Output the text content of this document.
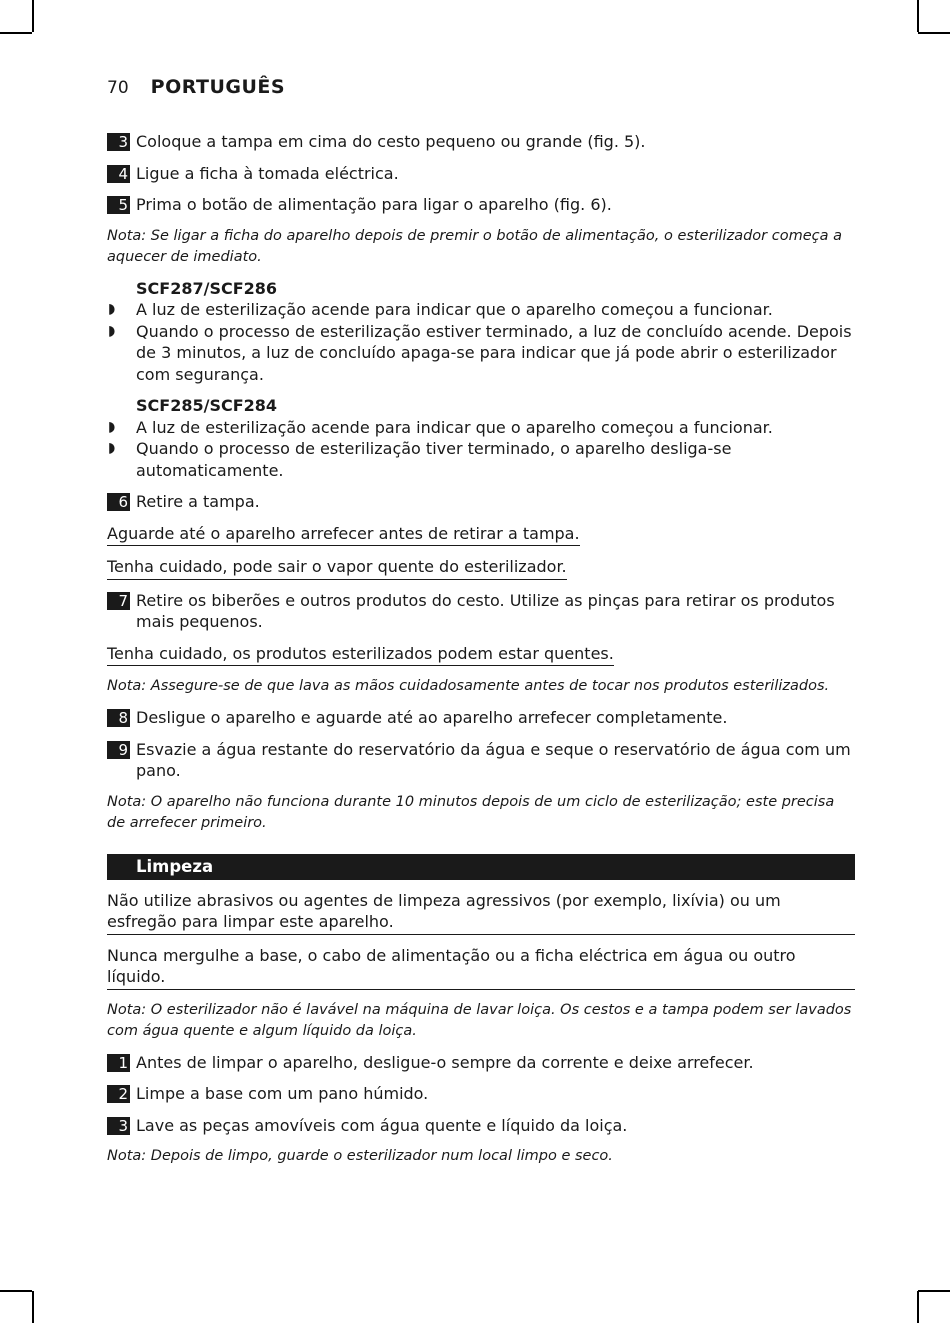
70 PORTUGUÊS
3 Coloque a tampa em cima do cesto pequeno ou grande (fig. 5).
4 Ligue a ficha à tomada eléctrica.
5 Prima o botão de alimentação para ligar o aparelho (fig. 6).
Nota: Se ligar a ficha do aparelho depois de premir o botão de alimentação, o esterilizador começa a aquecer de imediato.
SCF287/SCF286
◗ A luz de esterilização acende para indicar que o aparelho começou a funcionar.
◗ Quando o processo de esterilização estiver terminado, a luz de concluído acende. Depois de 3 minutos, a luz de concluído apaga-se para indicar que já pode abrir o esterilizador com segurança.
SCF285/SCF284
◗ A luz de esterilização acende para indicar que o aparelho começou a funcionar.
◗ Quando o processo de esterilização tiver terminado, o aparelho desliga-se automaticamente.
6 Retire a tampa.
Aguarde até o aparelho arrefecer antes de retirar a tampa.
Tenha cuidado, pode sair o vapor quente do esterilizador.
7 Retire os biberões e outros produtos do cesto. Utilize as pinças para retirar os produtos mais pequenos.
Tenha cuidado, os produtos esterilizados podem estar quentes.
Nota: Assegure-se de que lava as mãos cuidadosamente antes de tocar nos produtos esterilizados.
8 Desligue o aparelho e aguarde até ao aparelho arrefecer completamente.
9 Esvazie a água restante do reservatório da água e seque o reservatório de água com um pano.
Nota: O aparelho não funciona durante 10 minutos depois de um ciclo de esterilização; este precisa de arrefecer primeiro.
Limpeza
Não utilize abrasivos ou agentes de limpeza agressivos (por exemplo, lixívia) ou um esfregão para limpar este aparelho.
Nunca mergulhe a base, o cabo de alimentação ou a ficha eléctrica em água ou outro líquido.
Nota: O esterilizador não é lavável na máquina de lavar loiça. Os cestos e a tampa podem ser lavados com água quente e algum líquido da loiça.
1 Antes de limpar o aparelho, desligue-o sempre da corrente e deixe arrefecer.
2 Limpe a base com um pano húmido.
3 Lave as peças amovíveis com água quente e líquido da loiça.
Nota: Depois de limpo, guarde o esterilizador num local limpo e seco.
